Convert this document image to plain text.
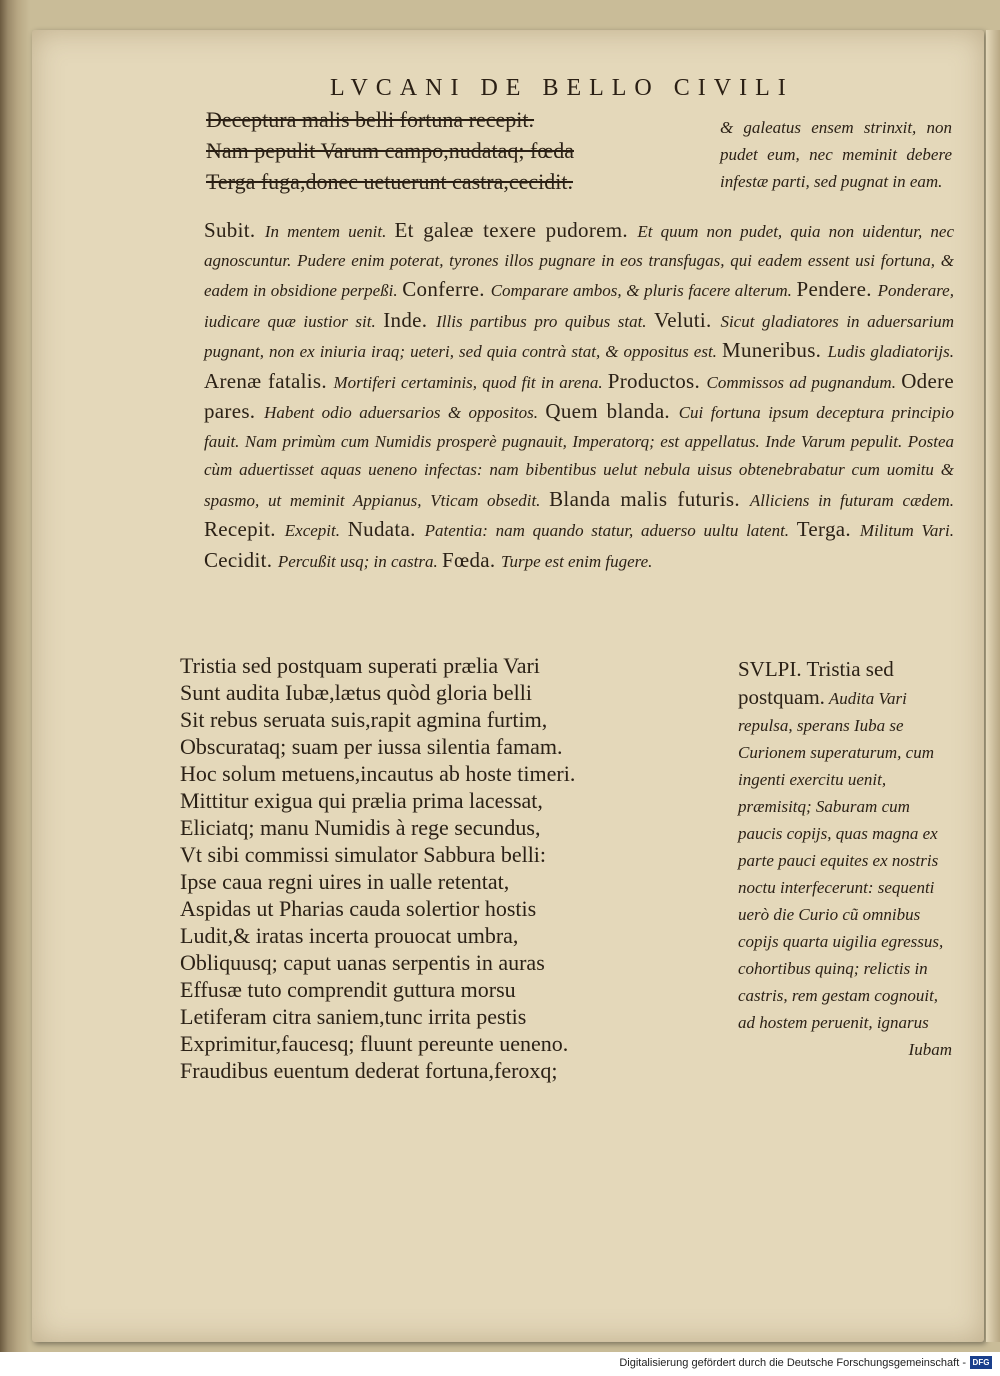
LVCANI DE BELLO CIVILI
Deceptura malis belli fortuna recepit.
Nam pepulit Varum campo,nudataq; fœda
Terga fuga,donec uetuerunt castra,cecidit.
& galeatus ensem strinxit, non pudet eum, nec meminit debere infestæ parti, sed pugnat in eam.
Subit. In mentem uenit. Et galeæ texere pudorem. Et quum non pudet, quia non uidentur, nec agnoscuntur. Pudere enim poterat, tyrones illos pugnare in eos transfugas, qui eadem essent usi fortuna, & eadem in obsidione perpeßi. Conferre. Comparare ambos, & pluris facere alterum. Pendere. Ponderare, iudicare quæ iustior sit. Inde. Illis partibus pro quibus stat. Veluti. Sicut gladiatores in aduersarium pugnant, non ex iniuria iraq; ueteri, sed quia contrà stat, & oppositus est. Muneribus. Ludis gladiatorijs. Arenæ fatalis. Mortiferi certaminis, quod fit in arena. Productos. Commissos ad pugnandum. Odere pares. Habent odio aduersarios & oppositos. Quem blanda. Cui fortuna ipsum deceptura principio fauit. Nam primùm cum Numidis prosperè pugnauit, Imperatorq; est appellatus. Inde Varum pepulit. Postea cùm aduertisset aquas ueneno infectas: nam bibentibus uelut nebula uisus obtenebrabatur cum uomitu & spasmo, ut meminit Appianus, Vticam obsedit. Blanda malis futuris. Alliciens in futuram cædem. Recepit. Excepit. Nudata. Patentia: nam quando statur, aduerso uultu latent. Terga. Militum Vari. Cecidit. Percußit usq; in castra. Fœda. Turpe est enim fugere.
Tristia sed postquam superati prælia Vari
Sunt audita Iubæ,lætus quòd gloria belli
Sit rebus seruata suis,rapit agmina furtim,
Obscurataq; suam per iussa silentia famam.
Hoc solum metuens,incautus ab hoste timeri.
Mittitur exigua qui prælia prima lacessat,
Eliciatq; manu Numidis à rege secundus,
Vt sibi commissi simulator Sabbura belli:
Ipse caua regni uires in ualle retentat,
Aspidas ut Pharias cauda solertior hostis
Ludit,& iratas incerta prouocat umbra,
Obliquusq; caput uanas serpentis in auras
Effusæ tuto comprendit guttura morsu
Letiferam citra saniem,tunc irrita pestis
Exprimitur,faucesq; fluunt pereunte ueneno.
Fraudibus euentum dederat fortuna,feroxq;
SVLPI. Tristia sed postquam. Audita Vari repulsa, sperans Iuba se Curionem superaturum, cum ingenti exercitu uenit, præmisitq; Saburam cum paucis copijs, quas magna ex parte pauci equites ex nostris noctu interfecerunt: sequenti uerò die Curio cũ omnibus copijs quarta uigilia egressus, cohortibus quinq; relictis in castris, rem gestam cognouit, ad hostem peruenit, ignarus
Iubam
Digitalisierung gefördert durch die Deutsche Forschungsgemeinschaft - DFG
